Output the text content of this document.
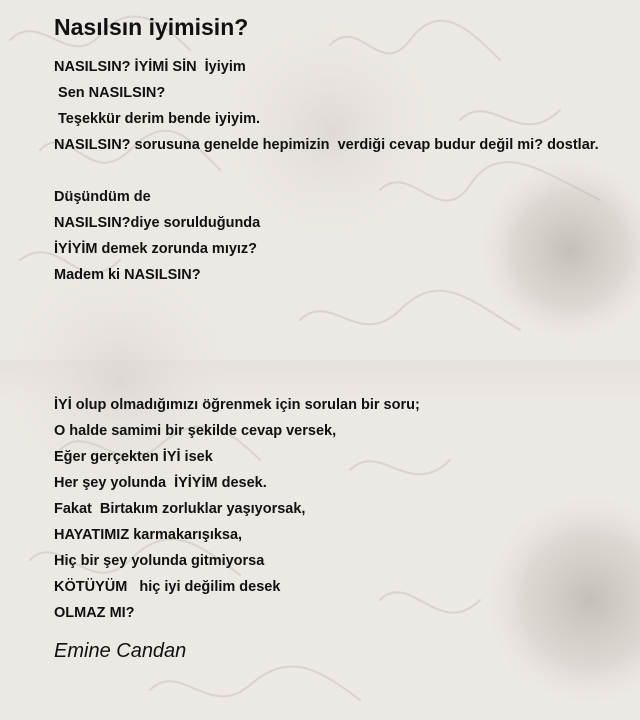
Nasılsın iyimisin?
NASILSIN? İYİMİ SİN  İyiyim
Sen NASILSIN?
Teşekkür derim bende iyiyim.
NASILSIN? sorusuna genelde hepimizin  verdiği cevap budur değil mi? dostlar.
Düşündüm de
NASILSIN?diye sorulduğunda
İYİYİM demek zorunda mıyız?
Madem ki NASILSIN?
İYİ olup olmadığımızı öğrenmek için sorulan bir soru;
O halde samimi bir şekilde cevap versek,
Eğer gerçekten İYİ isek
Her şey yolunda  İYİYİM desek.
Fakat  Birtakım zorluklar yaşıyorsak,
HAYATIMIZ karmakarışıksa,
Hiç bir şey yolunda gitmiyorsa
KÖTÜYÜM   hiç iyi değilim desek
OLMAZ MI?
Emine Candan
